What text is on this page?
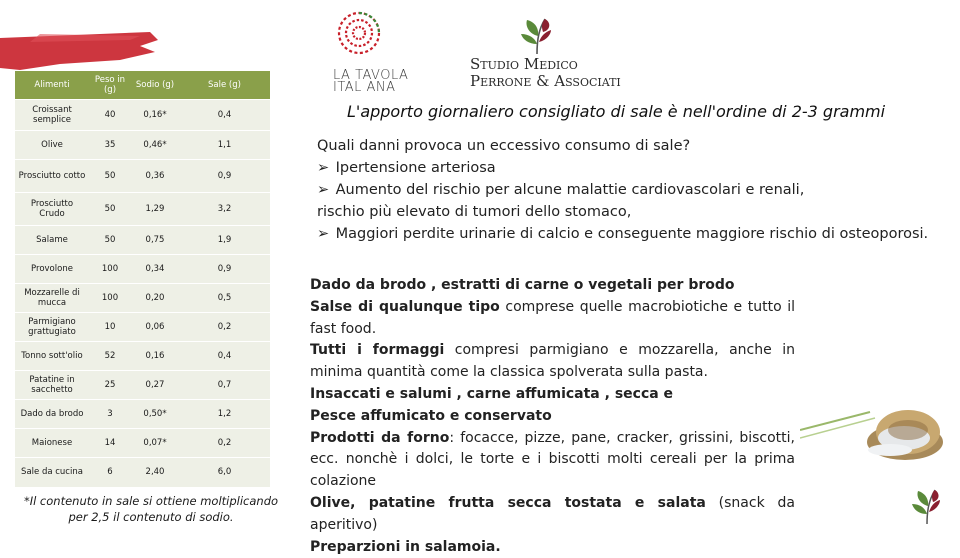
Alimenti	Peso in (g)	Sodio (g)	Sale (g)
Croissant semplice	40	0,16*	0,4
Olive	35	0,46*	1,1
Prosciutto cotto	50	0,36	0,9
Prosciutto Crudo	50	1,29	3,2
Salame	50	0,75	1,9
Provolone	100	0,34	0,9
Mozzarelle di mucca	100	0,20	0,5
Parmigiano grattugiato	10	0,06	0,2
Tonno sott'olio	52	0,16	0,4
Patatine in sacchetto	25	0,27	0,7
Dado da brodo	3	0,50*	1,2
Maionese	14	0,07*	0,2
Sale da cucina	6	2,40	6,0
*Il contenuto in sale si ottiene moltiplicando per 2,5 il contenuto di sodio.
LA TAVOLA
ITAL ANA
Studio Medico
Perrone & Associati
L'apporto giornaliero consigliato di sale è nell'ordine di 2-3 grammi
Quali danni provoca un eccessivo consumo di sale?
➢ Ipertensione arteriosa
➢ Aumento del rischio per alcune malattie cardiovascolari e renali,
rischio più elevato di tumori dello stomaco,
➢ Maggiori perdite urinarie di calcio e conseguente maggiore rischio di osteoporosi.
Dado da brodo , estratti di carne o vegetali per brodo
Salse di qualunque tipo comprese quelle macrobiotiche e tutto il fast food.
Tutti i formaggi compresi parmigiano e mozzarella, anche in minima quantità come la classica spolverata sulla pasta.
Insaccati e salumi , carne affumicata , secca e
Pesce affumicato e conservato
Prodotti da forno: focacce, pizze, pane, cracker, grissini, biscotti, ecc. nonchè i dolci, le torte e i biscotti molti cereali per la prima colazione
Olive, patatine frutta secca tostata e salata (snack da aperitivo)
Preparzioni in salamoia.
